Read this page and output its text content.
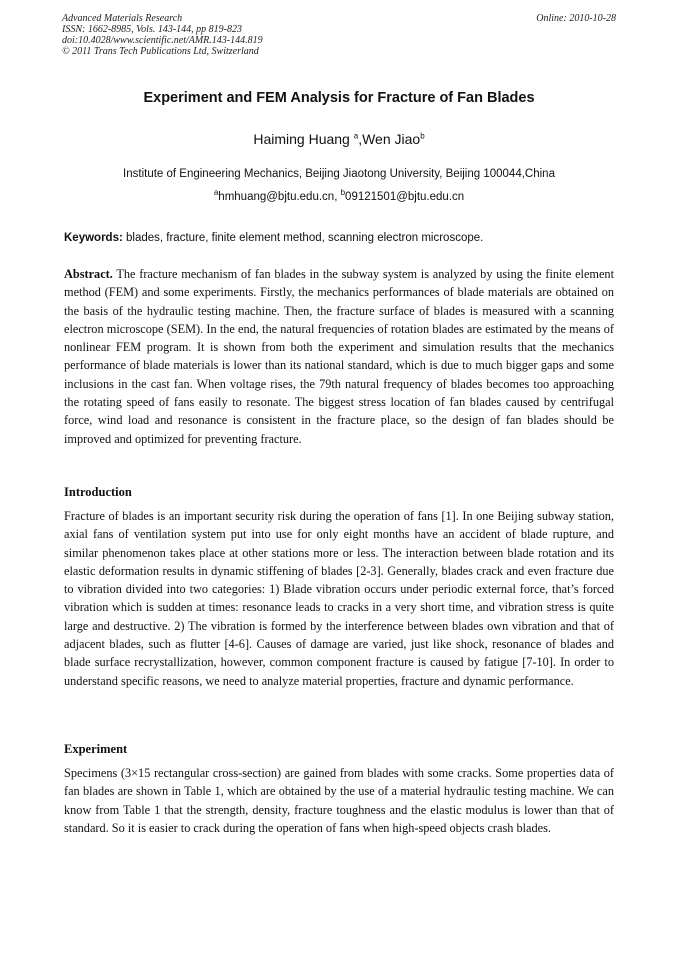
Advanced Materials Research
ISSN: 1662-8985, Vols. 143-144, pp 819-823
doi:10.4028/www.scientific.net/AMR.143-144.819
© 2011 Trans Tech Publications Ltd, Switzerland
Online: 2010-10-28
Experiment and FEM Analysis for Fracture of Fan Blades
Haiming Huang $^a$,Wen Jiao$^b$
Institute of Engineering Mechanics, Beijing Jiaotong University, Beijing 100044,China
$^a$hmhuang@bjtu.edu.cn, $^b$09121501@bjtu.edu.cn
Keywords: blades, fracture, finite element method, scanning electron microscope.

Abstract. The fracture mechanism of fan blades in the subway system is analyzed by using the finite element method (FEM) and some experiments. Firstly, the mechanics performances of blade materials are obtained on the basis of the hydraulic testing machine. Then, the fracture surface of blades is measured with a scanning electron microscope (SEM). In the end, the natural frequencies of rotation blades are estimated by the means of nonlinear FEM program. It is shown from both the experiment and simulation results that the mechanics performance of blade materials is lower than its national standard, which is due to much bigger gaps and some inclusions in the cast fan. When voltage rises, the 79th natural frequency of blades becomes too approaching the rotating speed of fans easily to resonate. The biggest stress location of fan blades caused by centrifugal force, wind load and resonance is consistent in the fracture place, so the design of fan blades should be improved and optimized for preventing fracture.

Introduction

Fracture of blades is an important security risk during the operation of fans [1]. In one Beijing subway station, axial fans of ventilation system put into use for only eight months have an accident of blade rupture, and similar phenomenon takes place at other stations more or less. The interaction between blade rotation and its elastic deformation results in dynamic stiffening of blades [2-3]. Generally, blades crack and even fracture due to vibration divided into two categories: 1) Blade vibration occurs under periodic external force, that’s forced vibration which is sudden at times: resonance leads to cracks in a very short time, and vibration stress is quite large and destructive. 2) The vibration is formed by the interference between blades own vibration and that of adjacent blades, such as flutter [4-6]. Causes of damage are varied, just like shock, resonance of blades and blade surface recrystallization, however, common component fracture is caused by fatigue [7-10]. In order to understand specific reasons, we need to analyze material properties, fracture and dynamic performance.

Experiment

Specimens (3×15 rectangular cross-section) are gained from blades with some cracks. Some properties data of fan blades are shown in Table 1, which are obtained by the use of a material hydraulic testing machine. We can know from Table 1 that the strength, density, fracture toughness and the elastic modulus is lower than that of standard. So it is easier to crack during the operation of fans when high-speed objects crash blades.
